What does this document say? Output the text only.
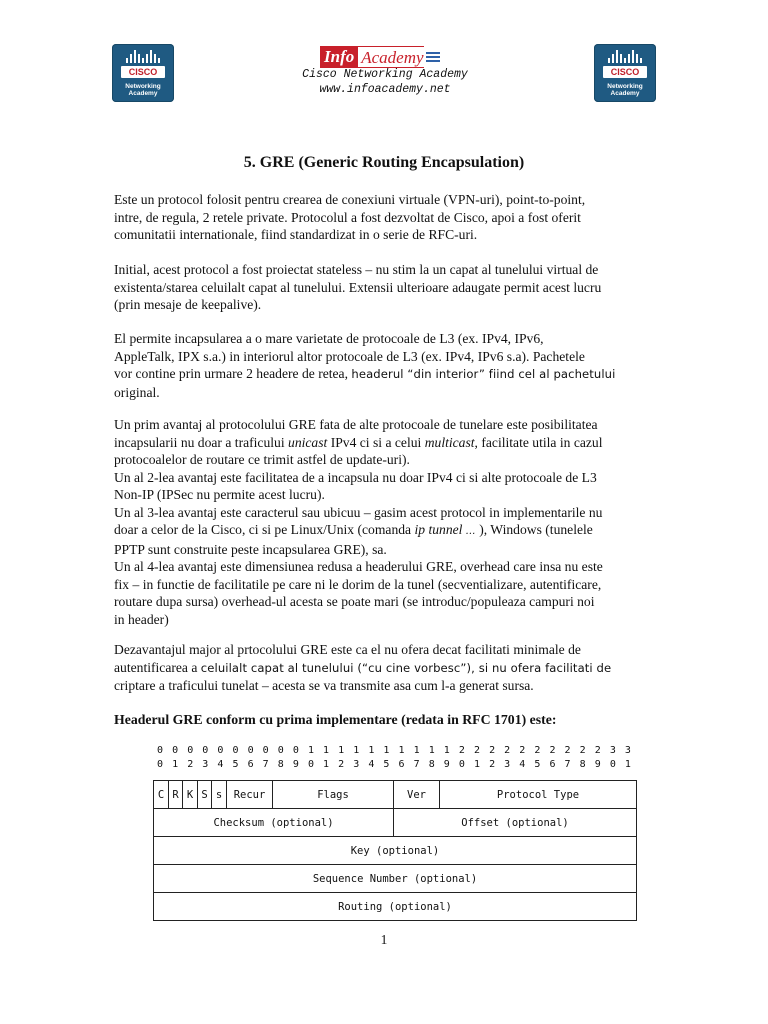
CISCO
Networking
Academy
Info Academy
Cisco Networking Academy
www.infoacademy.net
CISCO
Networking
Academy
5. GRE (Generic Routing Encapsulation)
Este un protocol folosit pentru crearea de conexiuni virtuale (VPN-uri), point-to-point,
intre, de regula, 2 retele private. Protocolul a fost dezvoltat de Cisco, apoi a fost oferit
comunitatii internationale, fiind standardizat in o serie de RFC-uri.
Initial, acest protocol a fost proiectat stateless – nu stim la un capat al tunelului virtual de
existenta/starea celuilalt capat al tunelului. Extensii ulterioare adaugate permit acest lucru
(prin mesaje de keepalive).
El permite incapsularea a o mare varietate de protocoale de L3 (ex. IPv4, IPv6,
AppleTalk, IPX s.a.) in interiorul altor protocoale de L3 (ex. IPv4, IPv6 s.a). Pachetele
vor contine prin urmare 2 headere de retea, headerul “din interior” fiind cel al pachetului
original.
Un prim avantaj al protocolului GRE fata de alte protocoale de tunelare este posibilitatea
incapsularii nu doar a traficului unicast IPv4 ci si a celui multicast, facilitate utila in cazul
protocoalelor de routare ce trimit astfel de update-uri).
Un al 2-lea avantaj este facilitatea de a incapsula nu doar IPv4 ci si alte protocoale de L3
Non-IP (IPSec nu permite acest lucru).
Un al 3-lea avantaj este caracterul sau ubicuu – gasim acest protocol in implementarile nu
doar a celor de la Cisco, ci si pe Linux/Unix (comanda ip tunnel … ), Windows (tunelele
PPTP sunt construite peste incapsularea GRE), sa.
Un al 4-lea avantaj este dimensiunea redusa a headerului GRE, overhead care insa nu este
fix – in functie de facilitatile pe care ni le dorim de la tunel (secventializare, autentificare,
routare dupa sursa) overhead-ul acesta se poate mari (se introduc/populeaza campuri noi
in header)
Dezavantajul major al prtocolului GRE este ca el nu ofera decat facilitati minimale de
autentificarea a celuilalt capat al tunelului (“cu cine vorbesc”), si nu ofera facilitati de
criptare a traficului tunelat – acesta se va transmite asa cum l-a generat sursa.
Headerul GRE conform cu prima implementare (redata in RFC 1701) este:
0 0 0 0 0 0 0 0 0 0 1 1 1 1 1 1 1 1 1 1 2 2 2 2 2 2 2 2 2 2 3 3
0 1 2 3 4 5 6 7 8 9 0 1 2 3 4 5 6 7 8 9 0 1 2 3 4 5 6 7 8 9 0 1
C	R	K	S	s	Recur	Flags	Ver	Protocol Type
Checksum (optional)							Offset (optional)	
Key (optional)								
Sequence Number (optional)								
Routing (optional)								
1
